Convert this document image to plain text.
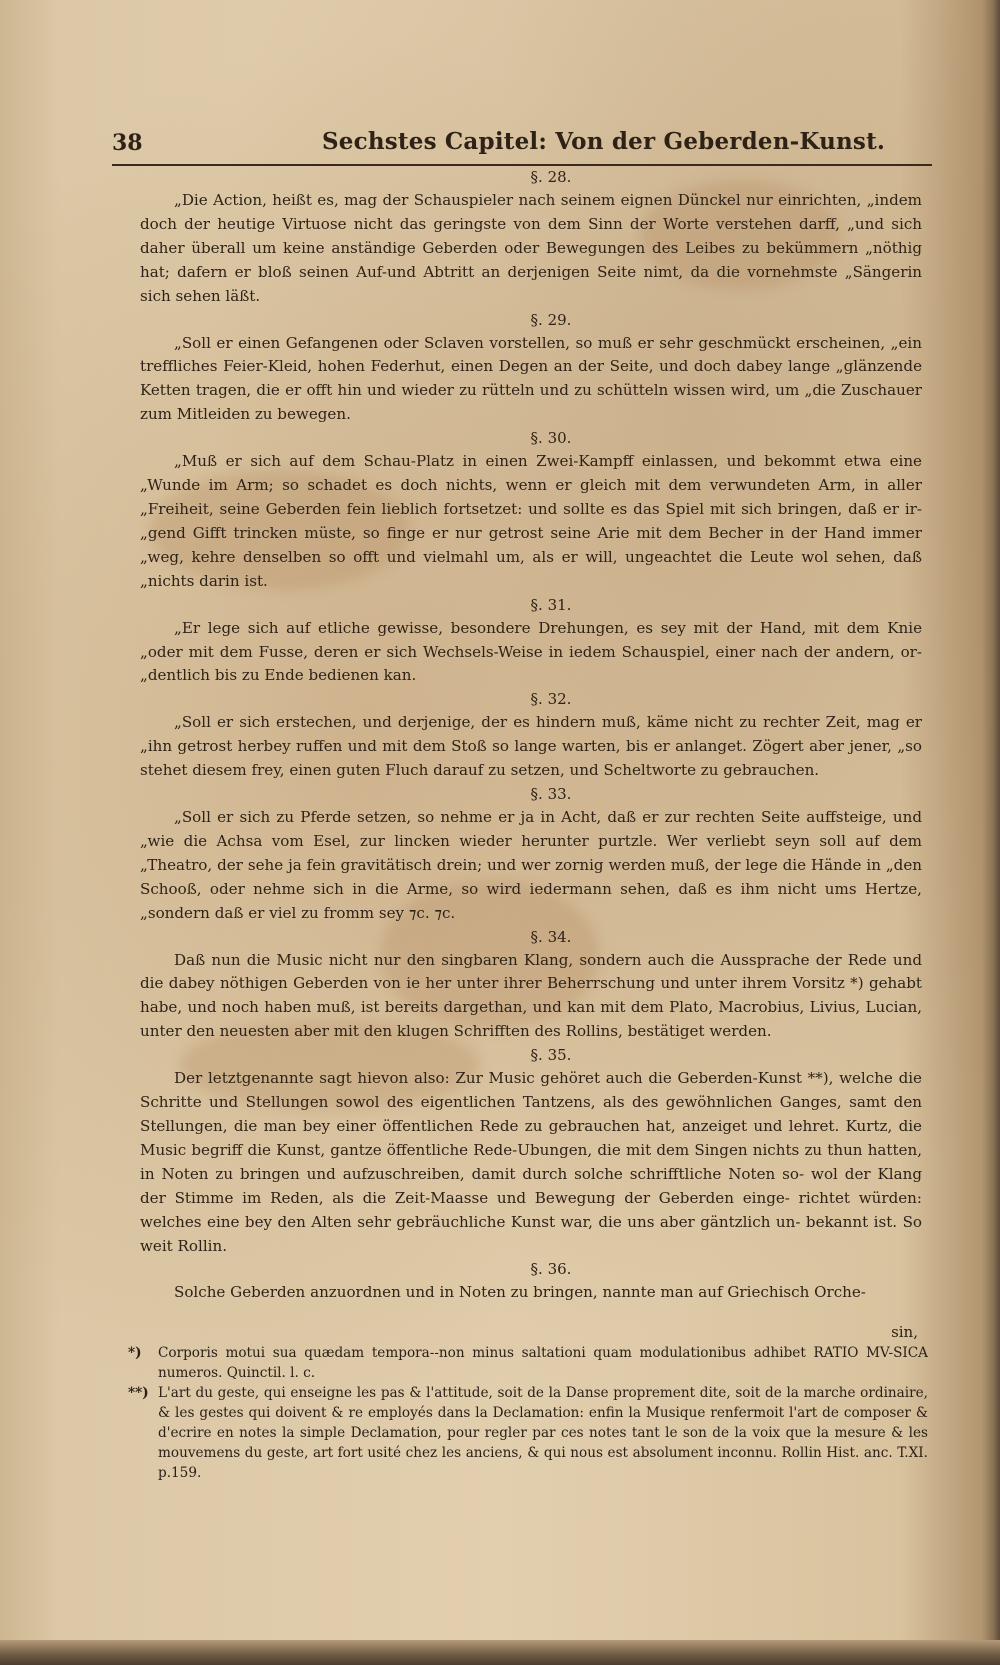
38	Sechstes Capitel: Von der Geberden-Kunst.

§. 28.

„Die Action, heißt es, mag der Schauspieler nach seinem eignen Dünckel nur einrichten, „indem doch der heutige Virtuose nicht das geringste von dem Sinn der Worte verstehen darff, „und sich daher überall um keine anständige Geberden oder Bewegungen des Leibes zu bekümmern „nöthig hat; dafern er bloß seinen Auf-und Abtritt an derjenigen Seite nimt, da die vornehmste „Sängerin sich sehen läßt.

§. 29.

„Soll er einen Gefangenen oder Sclaven vorstellen, so muß er sehr geschmückt erscheinen, „ein treffliches Feier-Kleid, hohen Federhut, einen Degen an der Seite, und doch dabey lange „glänzende Ketten tragen, die er offt hin und wieder zu rütteln und zu schütteln wissen wird, um „die Zuschauer zum Mitleiden zu bewegen.

§. 30.

„Muß er sich auf dem Schau-Platz in einen Zwei-Kampff einlassen, und bekommt etwa eine „Wunde im Arm; so schadet es doch nichts, wenn er gleich mit dem verwundeten Arm, in aller „Freiheit, seine Geberden fein lieblich fortsetzet: und sollte es das Spiel mit sich bringen, daß er ir- „gend Gifft trincken müste, so finge er nur getrost seine Arie mit dem Becher in der Hand immer „weg, kehre denselben so offt und vielmahl um, als er will, ungeachtet die Leute wol sehen, daß „nichts darin ist.

§. 31.

„Er lege sich auf etliche gewisse, besondere Drehungen, es sey mit der Hand, mit dem Knie „oder mit dem Fusse, deren er sich Wechsels-Weise in iedem Schauspiel, einer nach der andern, or- „dentlich bis zu Ende bedienen kan.

§. 32.

„Soll er sich erstechen, und derjenige, der es hindern muß, käme nicht zu rechter Zeit, mag er „ihn getrost herbey ruffen und mit dem Stoß so lange warten, bis er anlanget. Zögert aber jener, „so stehet diesem frey, einen guten Fluch darauf zu setzen, und Scheltworte zu gebrauchen.

§. 33.

„Soll er sich zu Pferde setzen, so nehme er ja in Acht, daß er zur rechten Seite auffsteige, und „wie die Achsa vom Esel, zur lincken wieder herunter purtzle. Wer verliebt seyn soll auf dem „Theatro, der sehe ja fein gravitätisch drein; und wer zornig werden muß, der lege die Hände in „den Schooß, oder nehme sich in die Arme, so wird iedermann sehen, daß es ihm nicht ums Hertze, „sondern daß er viel zu fromm sey ⁊c. ⁊c.

§. 34.

Daß nun die Music nicht nur den singbaren Klang, sondern auch die Aussprache der Rede und die dabey nöthigen Geberden von ie her unter ihrer Beherrschung und unter ihrem Vorsitz *) gehabt habe, und noch haben muß, ist bereits dargethan, und kan mit dem Plato, Macrobius, Livius, Lucian, unter den neuesten aber mit den klugen Schrifften des Rollins, bestätiget werden.

§. 35.

Der letztgenannte sagt hievon also: Zur Music gehöret auch die Geberden-Kunst **), welche die Schritte und Stellungen sowol des eigentlichen Tantzens, als des gewöhnlichen Ganges, samt den Stellungen, die man bey einer öffentlichen Rede zu gebrauchen hat, anzeiget und lehret. Kurtz, die Music begriff die Kunst, gantze öffentliche Rede-Ubungen, die mit dem Singen nichts zu thun hatten, in Noten zu bringen und aufzuschreiben, damit durch solche schrifftliche Noten so- wol der Klang der Stimme im Reden, als die Zeit-Maasse und Bewegung der Geberden einge- richtet würden: welches eine bey den Alten sehr gebräuchliche Kunst war, die uns aber gäntzlich un- bekannt ist. So weit Rollin.

§. 36.

Solche Geberden anzuordnen und in Noten zu bringen, nannte man auf Griechisch Orche-

sin,

*) Corporis motui sua quædam tempora--non minus saltationi quam modulationibus adhibet RATIO MV-SICA numeros. Quinctil. l. c.

**) L'art du geste, qui enseigne les pas & l'attitude, soit de la Danse proprement dite, soit de la marche ordinaire, & les gestes qui doivent & re employés dans la Declamation: enfin la Musique renfermoit l'art de composer & d'ecrire en notes la simple Declamation, pour regler par ces notes tant le son de la voix que la mesure & les mouvemens du geste, art fort usité chez les anciens, & qui nous est absolument inconnu. Rollin Hist. anc. T.XI. p.159.
